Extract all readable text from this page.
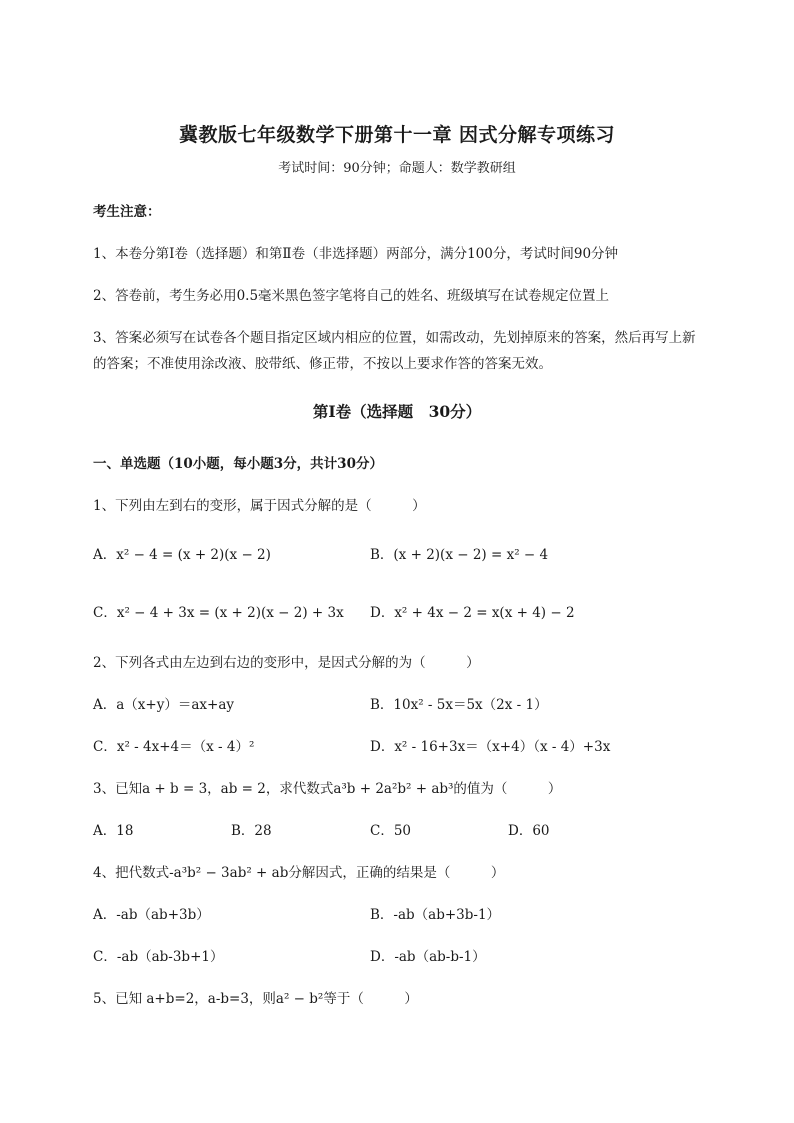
冀教版七年级数学下册第十一章 因式分解专项练习
考试时间：90分钟；命题人：数学教研组
考生注意：
1、本卷分第I卷（选择题）和第Ⅱ卷（非选择题）两部分，满分100分，考试时间90分钟
2、答卷前，考生务必用0.5毫米黑色签字笔将自己的姓名、班级填写在试卷规定位置上
3、答案必须写在试卷各个题目指定区域内相应的位置，如需改动，先划掉原来的答案，然后再写上新
的答案；不准使用涂改液、胶带纸、修正带，不按以上要求作答的答案无效。
第I卷（选择题　30分）
一、单选题（10小题，每小题3分，共计30分）
1、下列由左到右的变形，属于因式分解的是（　　　）
A．x² − 4 = (x + 2)(x − 2)	B．(x + 2)(x − 2) = x² − 4
C．x² − 4 + 3x = (x + 2)(x − 2) + 3x D．x² + 4x − 2 = x(x + 4) − 2
2、下列各式由左边到右边的变形中，是因式分解的为（　　　）
A．a（x+y）＝ax+ay	B．10x² - 5x＝5x（2x - 1）
C．x² - 4x+4＝（x - 4）²	D．x² - 16+3x＝（x+4）（x - 4）+3x
3、已知a + b = 3，ab = 2，求代数式a³b + 2a²b² + ab³的值为（　　　）
A．18	B．28	C．50	D．60
4、把代数式-a³b² − 3ab² + ab分解因式，正确的结果是（　　　）
A．-ab（ab+3b）	B．-ab（ab+3b-1）
C．-ab（ab-3b+1）	D．-ab（ab-b-1）
5、已知 a+b=2，a-b=3，则a² − b²等于（　　　）
